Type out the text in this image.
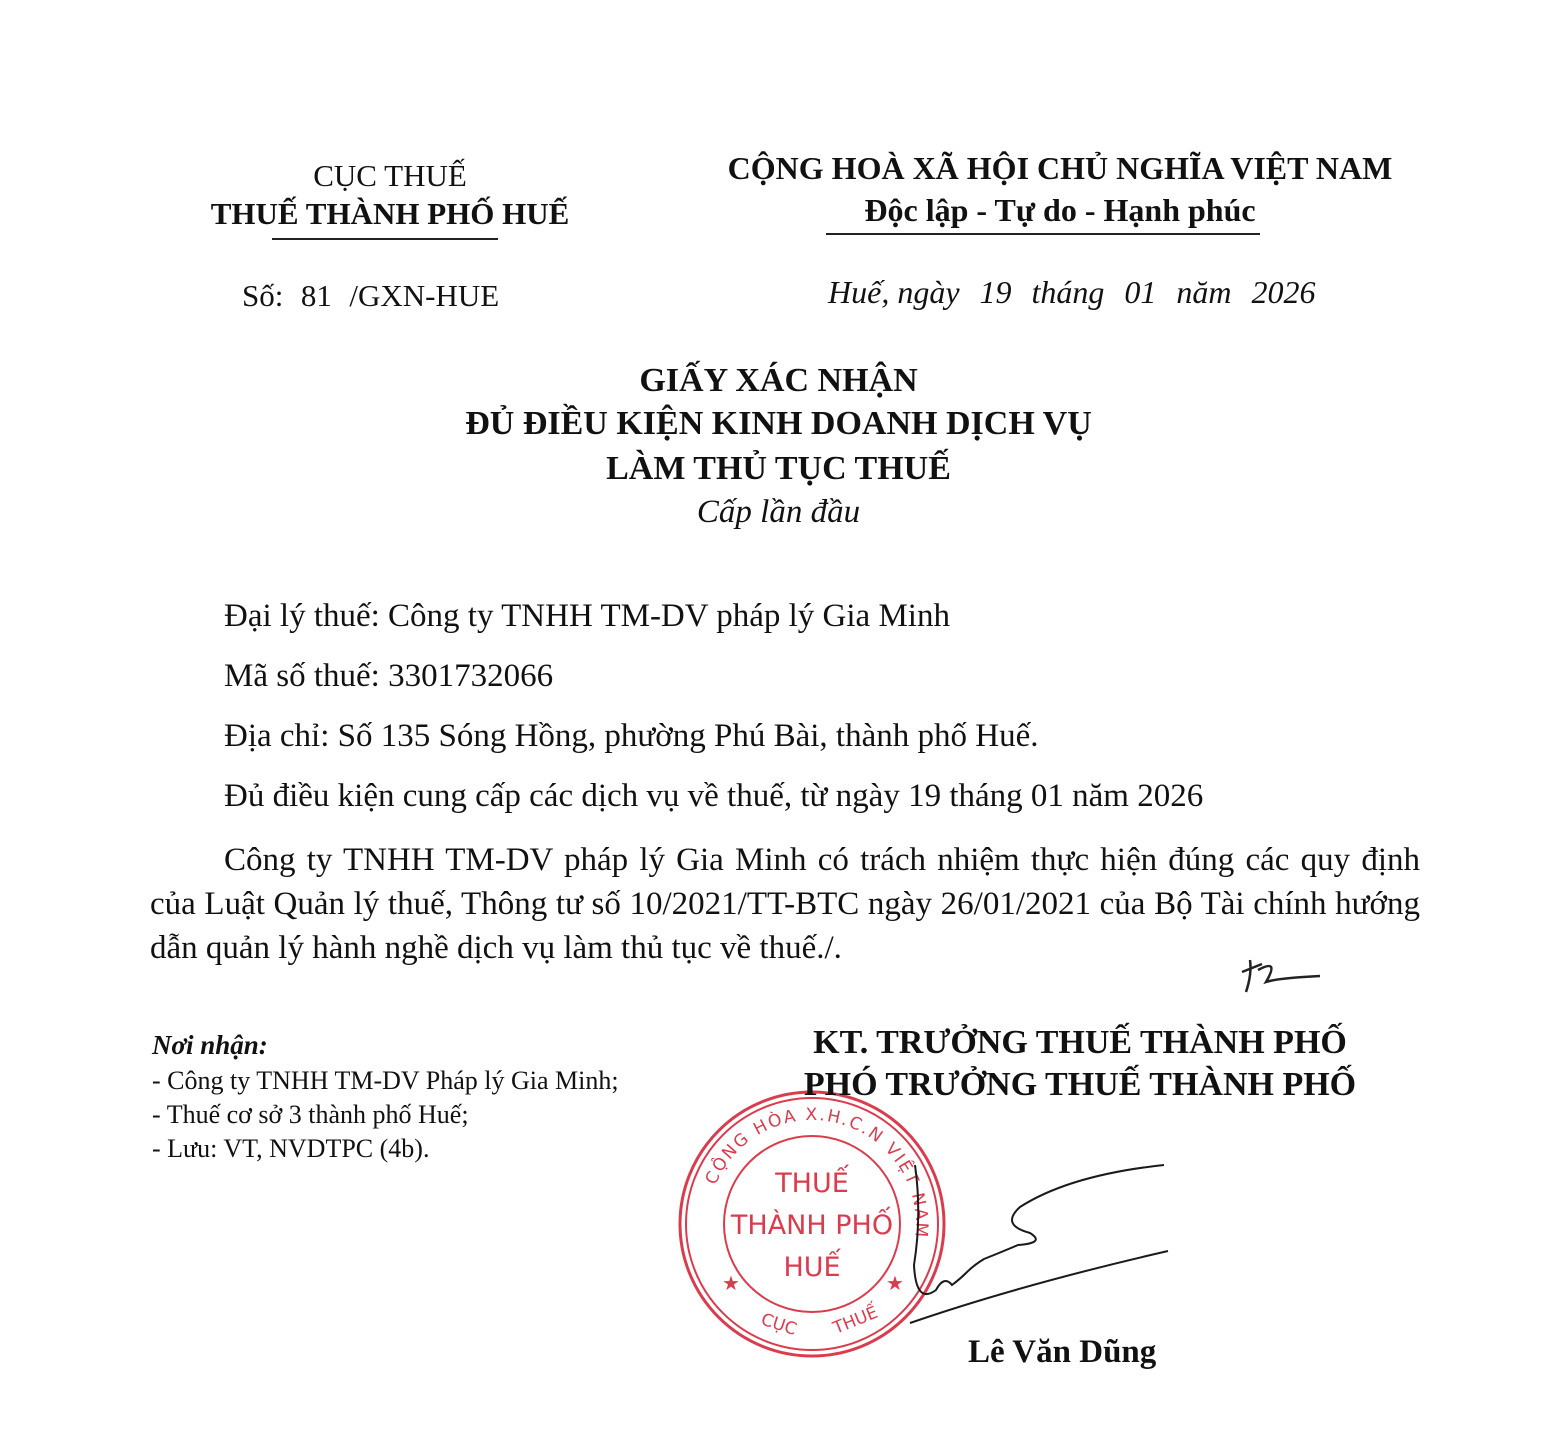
CỤC THUẾ
THUẾ THÀNH PHỐ HUẾ
Số: 81 /GXN-HUE
CỘNG HOÀ XÃ HỘI CHỦ NGHĨA VIỆT NAM
Độc lập - Tự do - Hạnh phúc
Huế, ngày 19 tháng 01 năm 2026
GIẤY XÁC NHẬN
ĐỦ ĐIỀU KIỆN KINH DOANH DỊCH VỤ
LÀM THỦ TỤC THUẾ
Cấp lần đầu
Đại lý thuế: Công ty TNHH TM-DV pháp lý Gia Minh
Mã số thuế: 3301732066
Địa chỉ: Số 135 Sóng Hồng, phường Phú Bài, thành phố Huế.
Đủ điều kiện cung cấp các dịch vụ về thuế, từ ngày 19 tháng 01 năm 2026
Công ty TNHH TM-DV pháp lý Gia Minh có trách nhiệm thực hiện đúng các quy định của Luật Quản lý thuế, Thông tư số 10/2021/TT-BTC ngày 26/01/2021 của Bộ Tài chính hướng dẫn quản lý hành nghề dịch vụ làm thủ tục về thuế./.
Nơi nhận:
- Công ty TNHH TM-DV Pháp lý Gia Minh;
- Thuế cơ sở 3 thành phố Huế;
- Lưu: VT, NVDTPC (4b).
CỘNG HÒA X.H.C.N VIỆT NAM
CỤC THUẾ
★	★
THUẾ
THÀNH PHỐ
HUẾ
KT. TRƯỞNG THUẾ THÀNH PHỐ
PHÓ TRƯỞNG THUẾ THÀNH PHỐ
Lê Văn Dũng
